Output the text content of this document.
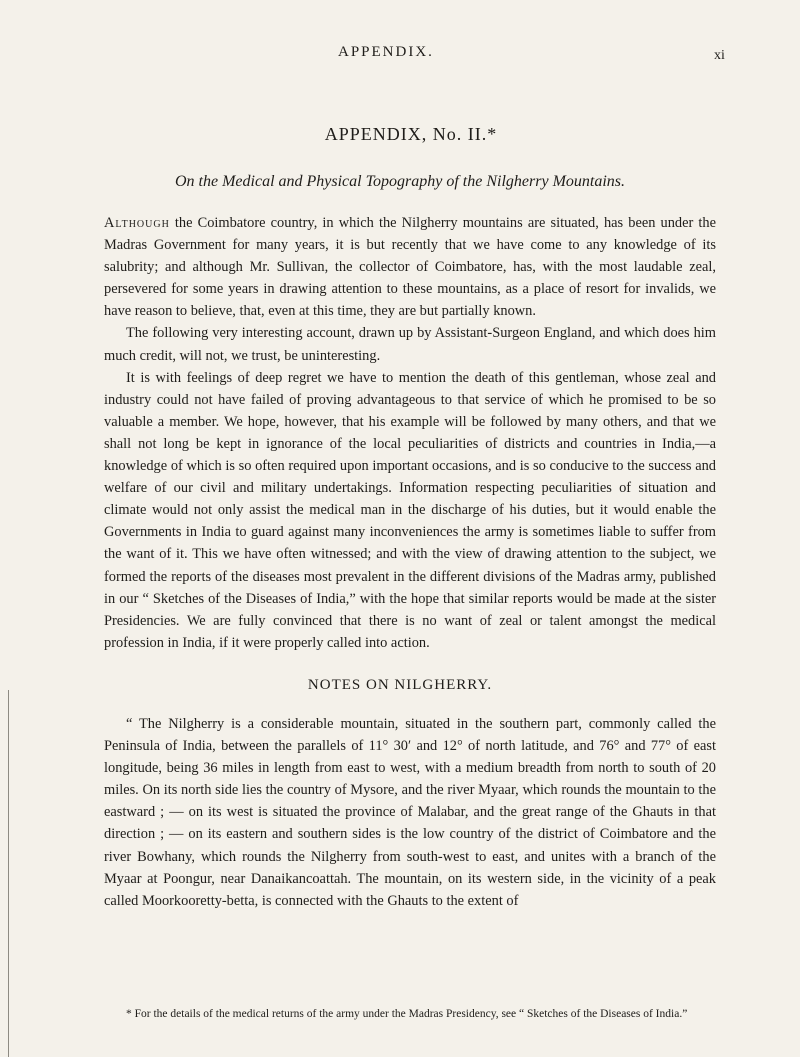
APPENDIX.	xi
APPENDIX, No. II.*
On the Medical and Physical Topography of the Nilgherry Mountains.

Although the Coimbatore country, in which the Nilgherry mountains are situated, has been under the Madras Government for many years, it is but recently that we have come to any knowledge of its salubrity; and although Mr. Sullivan, the collector of Coimbatore, has, with the most laudable zeal, persevered for some years in drawing attention to these mountains, as a place of resort for invalids, we have reason to believe, that, even at this time, they are but partially known.

The following very interesting account, drawn up by Assistant-Surgeon England, and which does him much credit, will not, we trust, be uninteresting.

It is with feelings of deep regret we have to mention the death of this gentleman, whose zeal and industry could not have failed of proving advantageous to that service of which he promised to be so valuable a member. We hope, however, that his example will be followed by many others, and that we shall not long be kept in ignorance of the local peculiarities of districts and countries in India,—a knowledge of which is so often required upon important occasions, and is so conducive to the success and welfare of our civil and military undertakings. Information respecting peculiarities of situation and climate would not only assist the medical man in the discharge of his duties, but it would enable the Governments in India to guard against many inconveniences the army is sometimes liable to suffer from the want of it. This we have often witnessed; and with the view of drawing attention to the subject, we formed the reports of the diseases most prevalent in the different divisions of the Madras army, published in our “ Sketches of the Diseases of India,” with the hope that similar reports would be made at the sister Presidencies. We are fully convinced that there is no want of zeal or talent amongst the medical profession in India, if it were properly called into action.

NOTES ON NILGHERRY.

“ The Nilgherry is a considerable mountain, situated in the southern part, commonly called the Peninsula of India, between the parallels of 11° 30′ and 12° of north latitude, and 76° and 77° of east longitude, being 36 miles in length from east to west, with a medium breadth from north to south of 20 miles. On its north side lies the country of Mysore, and the river Myaar, which rounds the mountain to the eastward ; — on its west is situated the province of Malabar, and the great range of the Ghauts in that direction ; — on its eastern and southern sides is the low country of the district of Coimbatore and the river Bowhany, which rounds the Nilgherry from south-west to east, and unites with a branch of the Myaar at Poongur, near Danaikancoattah. The mountain, on its western side, in the vicinity of a peak called Moorkooretty-betta, is connected with the Ghauts to the extent of

* For the details of the medical returns of the army under the Madras Presidency, see “ Sketches of the Diseases of India.”
